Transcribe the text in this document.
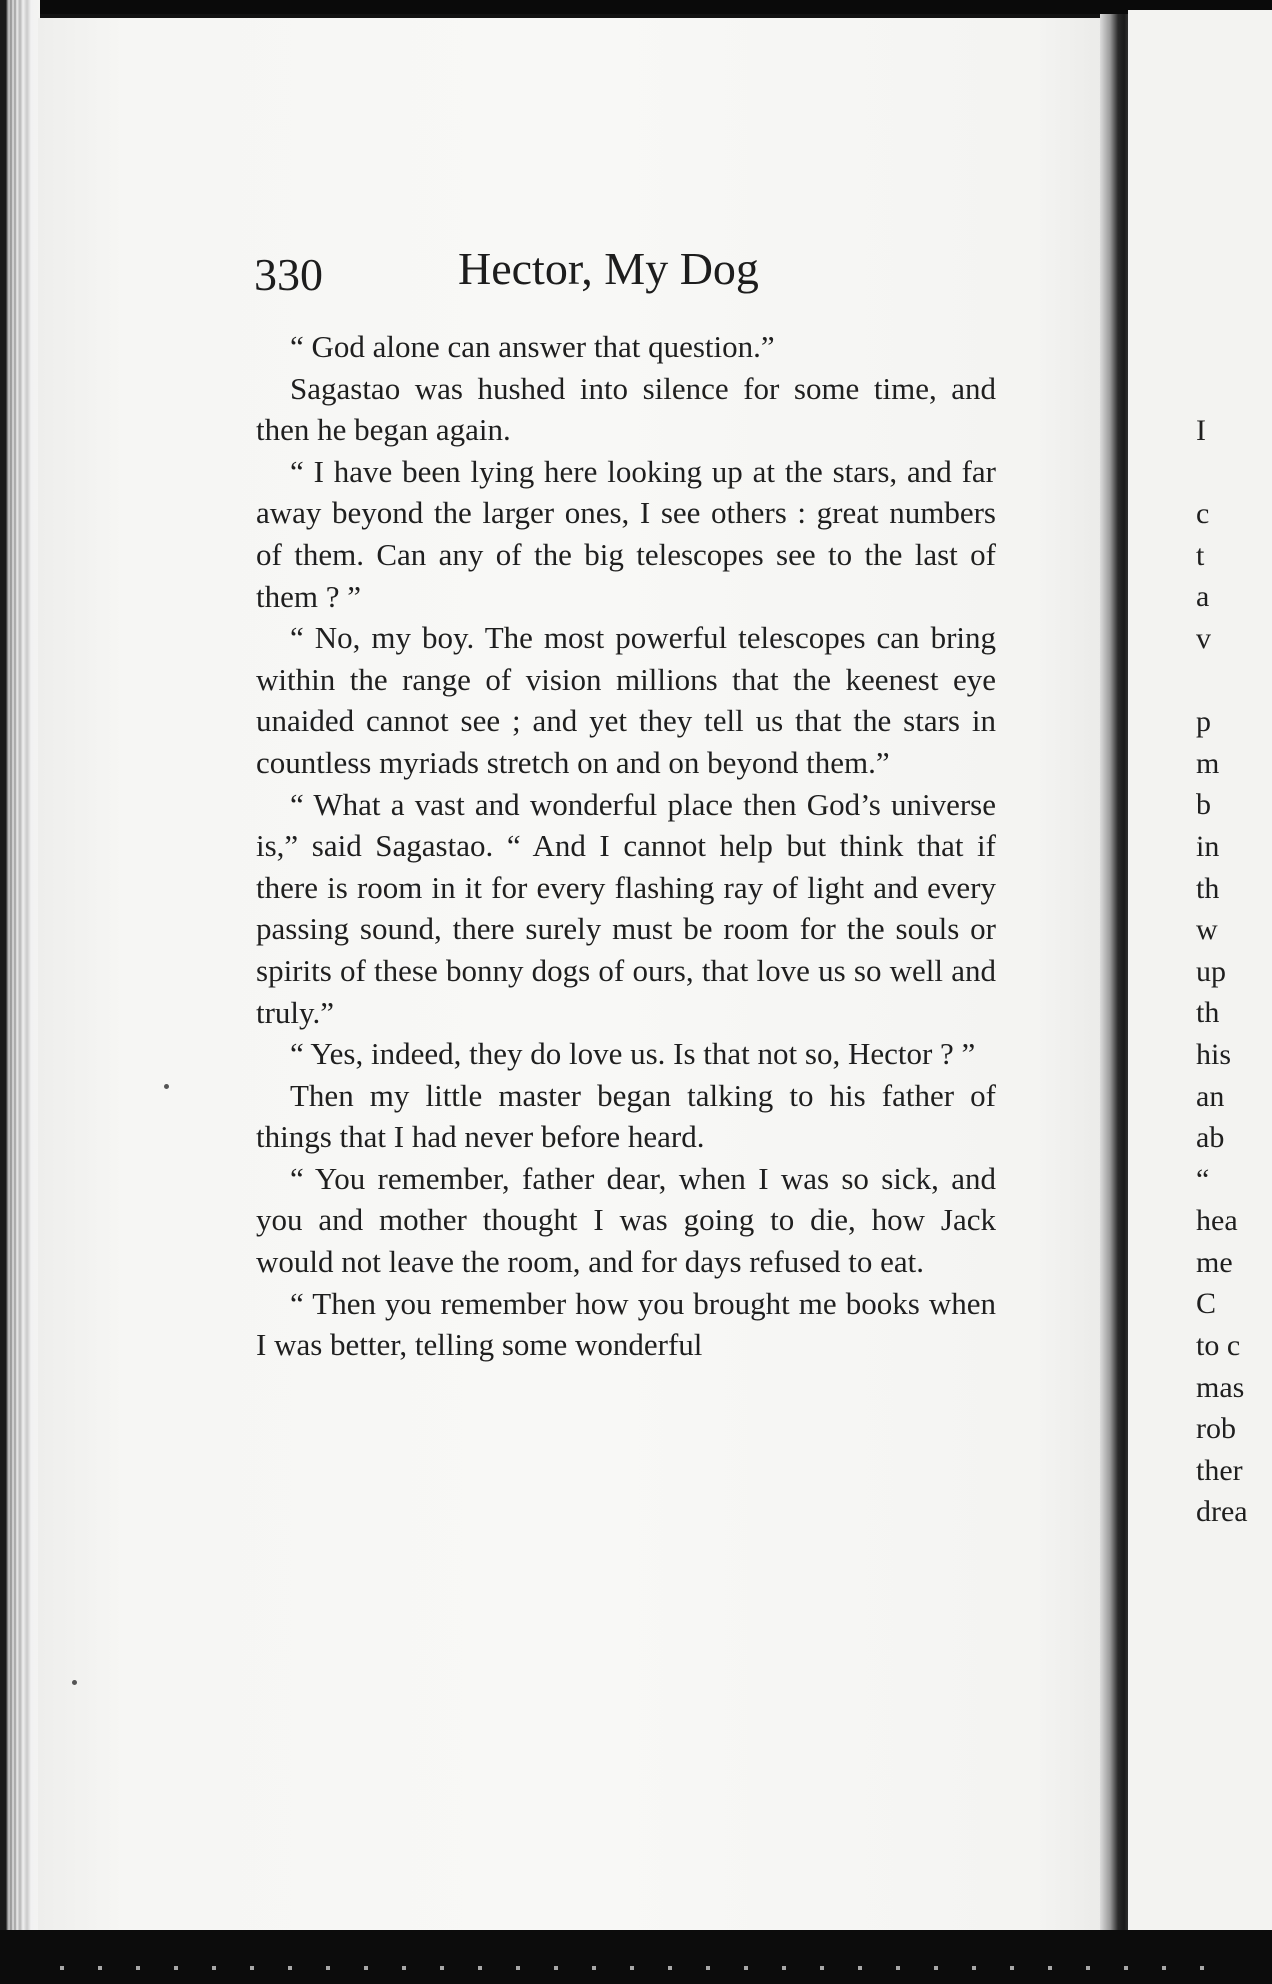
330	Hector, My Dog

“ God alone can answer that question.”

Sagastao was hushed into silence for some time, and then he began again.

“ I have been lying here looking up at the stars, and far away beyond the larger ones, I see others : great numbers of them. Can any of the big telescopes see to the last of them ? ”

“ No, my boy. The most powerful telescopes can bring within the range of vision millions that the keenest eye unaided cannot see ; and yet they tell us that the stars in countless myriads stretch on and on beyond them.”

“ What a vast and wonderful place then God’s universe is,” said Sagastao. “ And I cannot help but think that if there is room in it for every flashing ray of light and every passing sound, there surely must be room for the souls or spirits of these bonny dogs of ours, that love us so well and truly.”

“ Yes, indeed, they do love us. Is that not so, Hector ? ”

Then my little master began talking to his father of things that I had never before heard.

“ You remember, father dear, when I was so sick, and you and mother thought I was going to die, how Jack would not leave the room, and for days refused to eat.

“ Then you remember how you brought me books when I was better, telling some wonderful

I
c
t
a
v
p
m
b
in
th
w
up
th
his
an
ab
“
hea
me
C
to c
mas
rob
ther
drea
